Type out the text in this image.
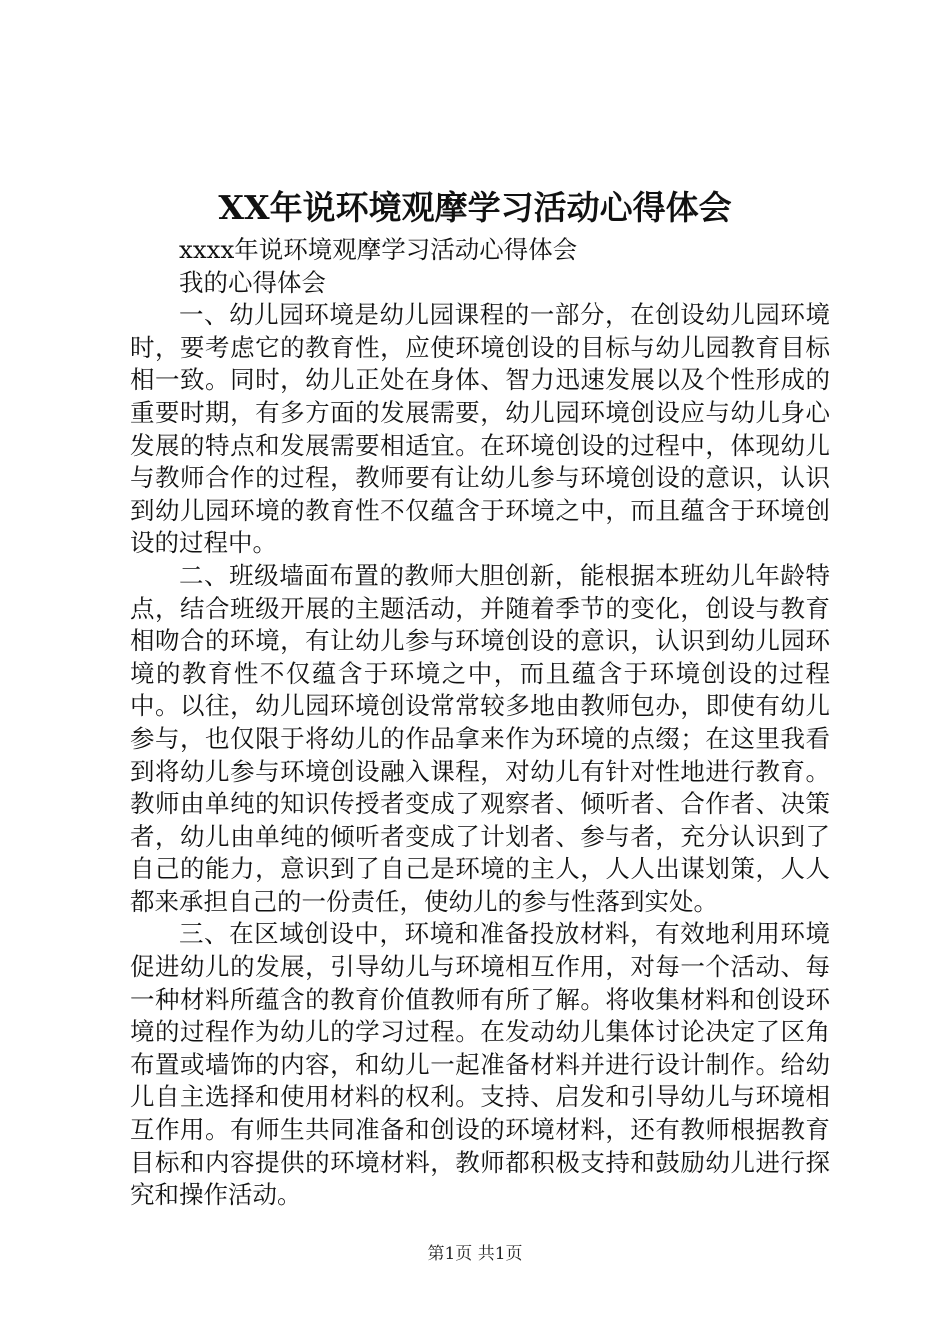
XX年说环境观摩学习活动心得体会

xxxx年说环境观摩学习活动心得体会

我的心得体会

一、幼儿园环境是幼儿园课程的一部分，在创设幼儿园环境时，要考虑它的教育性，应使环境创设的目标与幼儿园教育目标相一致。同时，幼儿正处在身体、智力迅速发展以及个性形成的重要时期，有多方面的发展需要，幼儿园环境创设应与幼儿身心发展的特点和发展需要相适宜。在环境创设的过程中，体现幼儿与教师合作的过程，教师要有让幼儿参与环境创设的意识，认识到幼儿园环境的教育性不仅蕴含于环境之中，而且蕴含于环境创设的过程中。

二、班级墙面布置的教师大胆创新，能根据本班幼儿年龄特点，结合班级开展的主题活动，并随着季节的变化，创设与教育相吻合的环境，有让幼儿参与环境创设的意识，认识到幼儿园环境的教育性不仅蕴含于环境之中，而且蕴含于环境创设的过程中。以往，幼儿园环境创设常常较多地由教师包办，即使有幼儿参与，也仅限于将幼儿的作品拿来作为环境的点缀；在这里我看到将幼儿参与环境创设融入课程，对幼儿有针对性地进行教育。教师由单纯的知识传授者变成了观察者、倾听者、合作者、决策者，幼儿由单纯的倾听者变成了计划者、参与者，充分认识到了自己的能力，意识到了自己是环境的主人，人人出谋划策，人人都来承担自己的一份责任，使幼儿的参与性落到实处。

三、在区域创设中，环境和准备投放材料，有效地利用环境促进幼儿的发展，引导幼儿与环境相互作用，对每一个活动、每一种材料所蕴含的教育价值教师有所了解。将收集材料和创设环境的过程作为幼儿的学习过程。在发动幼儿集体讨论决定了区角布置或墙饰的内容，和幼儿一起准备材料并进行设计制作。给幼儿自主选择和使用材料的权利。支持、启发和引导幼儿与环境相互作用。有师生共同准备和创设的环境材料，还有教师根据教育目标和内容提供的环境材料，教师都积极支持和鼓励幼儿进行探究和操作活动。

第1页 共1页
